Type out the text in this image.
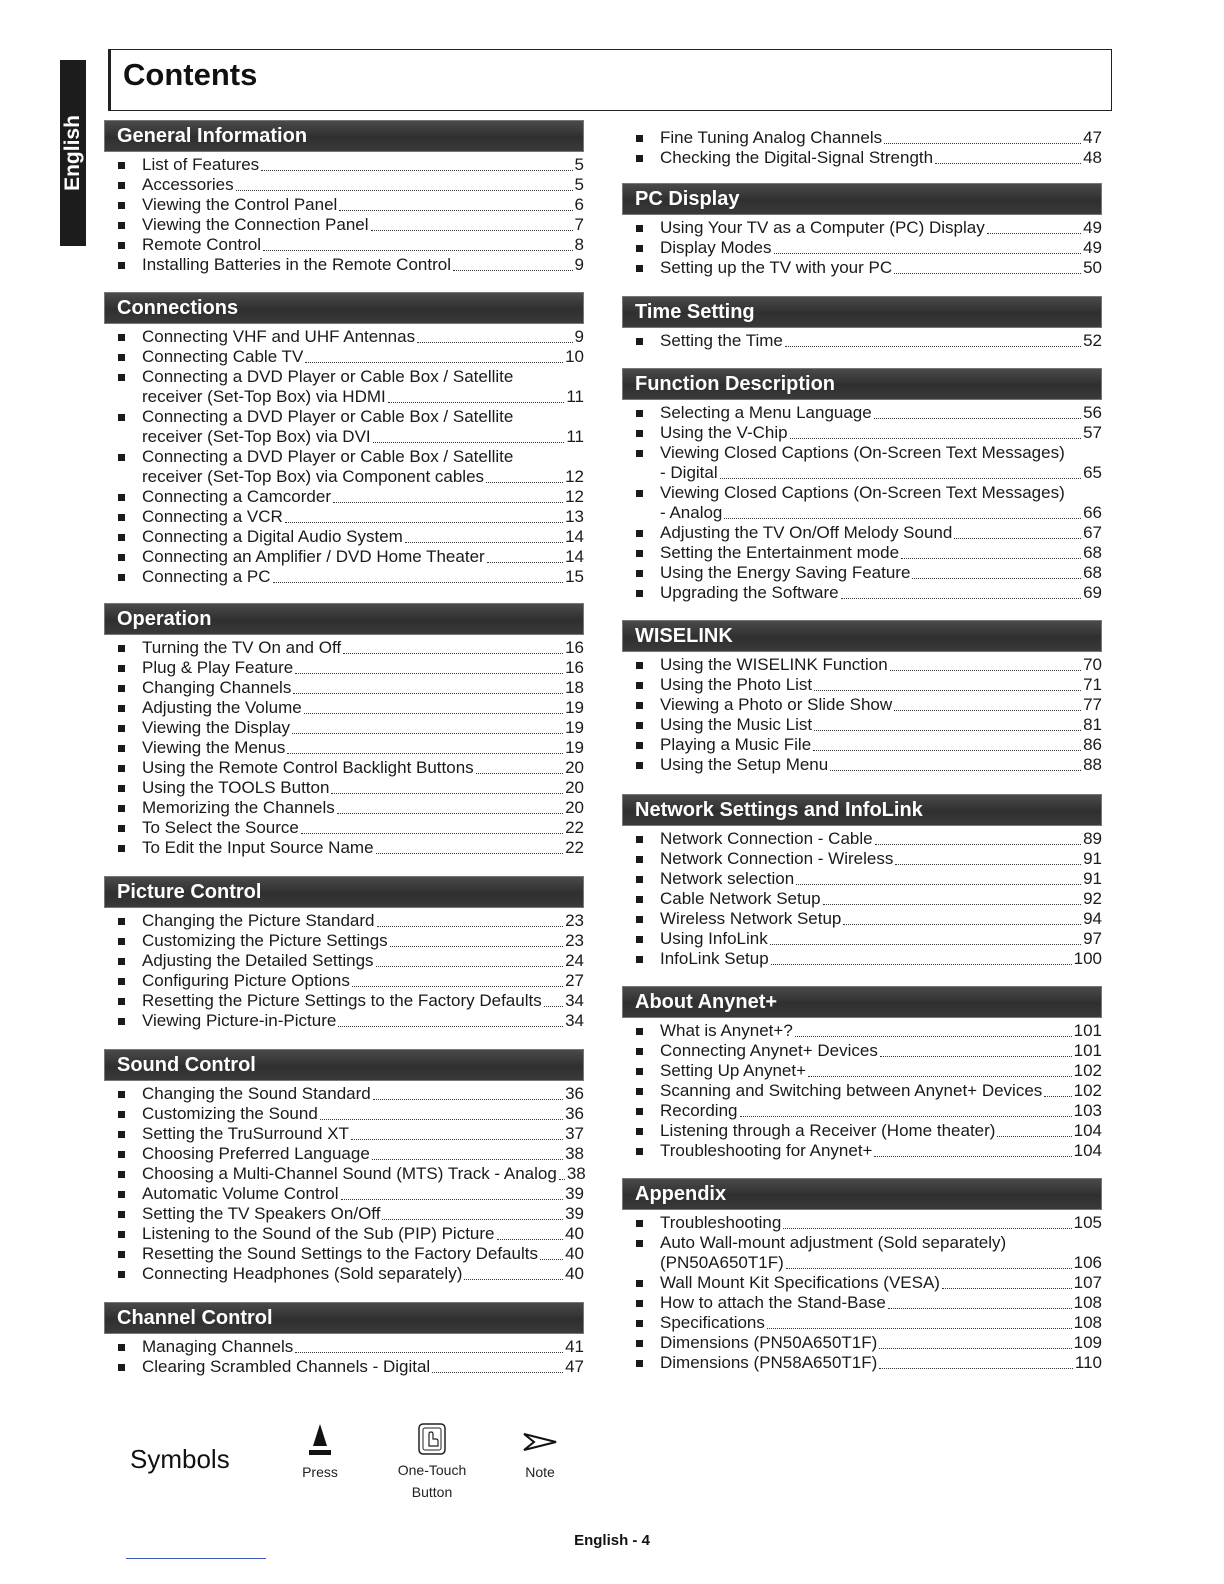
English
Contents
General Information
List of Features	5
Accessories	5
Viewing the Control Panel	6
Viewing the Connection Panel	7
Remote Control	8
Installing Batteries in the Remote Control	9
Connections
Connecting VHF and UHF Antennas	9
Connecting Cable TV	10
Connecting a DVD Player or Cable Box / Satellite
receiver (Set-Top Box) via HDMI	11
Connecting a DVD Player or Cable Box / Satellite
receiver (Set-Top Box) via DVI	11
Connecting a DVD Player or Cable Box / Satellite
receiver (Set-Top Box) via Component cables	12
Connecting a Camcorder	12
Connecting a VCR	13
Connecting a Digital Audio System	14
Connecting an Amplifier / DVD Home Theater	14
Connecting a PC	15
Operation
Turning the TV On and Off	16
Plug & Play Feature	16
Changing Channels	18
Adjusting the Volume	19
Viewing the Display	19
Viewing the Menus	19
Using the Remote Control Backlight Buttons	20
Using the TOOLS Button	20
Memorizing the Channels	20
To Select the Source	22
To Edit the Input Source Name	22
Picture Control
Changing the Picture Standard	23
Customizing the Picture Settings	23
Adjusting the Detailed Settings	24
Configuring Picture Options	27
Resetting the Picture Settings to the Factory Defaults 34
Viewing Picture-in-Picture	34
Sound Control
Changing the Sound Standard	36
Customizing the Sound	36
Setting the TruSurround XT	37
Choosing Preferred Language	38
Choosing a Multi-Channel Sound (MTS) Track - Analog 38
Automatic Volume Control	39
Setting the TV Speakers On/Off	39
Listening to the Sound of the Sub (PIP) Picture	40
Resetting the Sound Settings to the Factory Defaults 40
Connecting Headphones (Sold separately)	40
Channel Control
Managing Channels	41
Clearing Scrambled Channels - Digital	47
Fine Tuning Analog Channels	47
Checking the Digital-Signal Strength	48
PC Display
Using Your TV as a Computer (PC) Display	49
Display Modes	49
Setting up the TV with your PC	50
Time Setting
Setting the Time	52
Function Description
Selecting a Menu Language	56
Using the V-Chip	57
Viewing Closed Captions (On-Screen Text Messages)
- Digital	65
Viewing Closed Captions (On-Screen Text Messages)
- Analog	66
Adjusting the TV On/Off Melody Sound	67
Setting the Entertainment mode	68
Using the Energy Saving Feature	68
Upgrading the Software	69
WISELINK
Using the WISELINK Function	70
Using the Photo List	71
Viewing a Photo or Slide Show	77
Using the Music List	81
Playing a Music File	86
Using the Setup Menu	88
Network Settings and InfoLink
Network Connection - Cable	89
Network Connection - Wireless	91
Network selection	91
Cable Network Setup	92
Wireless Network Setup	94
Using InfoLink	97
InfoLink Setup	100
About Anynet+
What is Anynet+?	101
Connecting Anynet+ Devices	101
Setting Up Anynet+	102
Scanning and Switching between Anynet+ Devices 102
Recording	103
Listening through a Receiver (Home theater)	104
Troubleshooting for Anynet+	104
Appendix
Troubleshooting	105
Auto Wall-mount adjustment (Sold separately)
(PN50A650T1F)	106
Wall Mount Kit Specifications (VESA)	107
How to attach the Stand-Base	108
Specifications	108
Dimensions (PN50A650T1F)	109
Dimensions (PN58A650T1F)	110
Symbols	Press	One-Touch
Button
Note
English - 4
